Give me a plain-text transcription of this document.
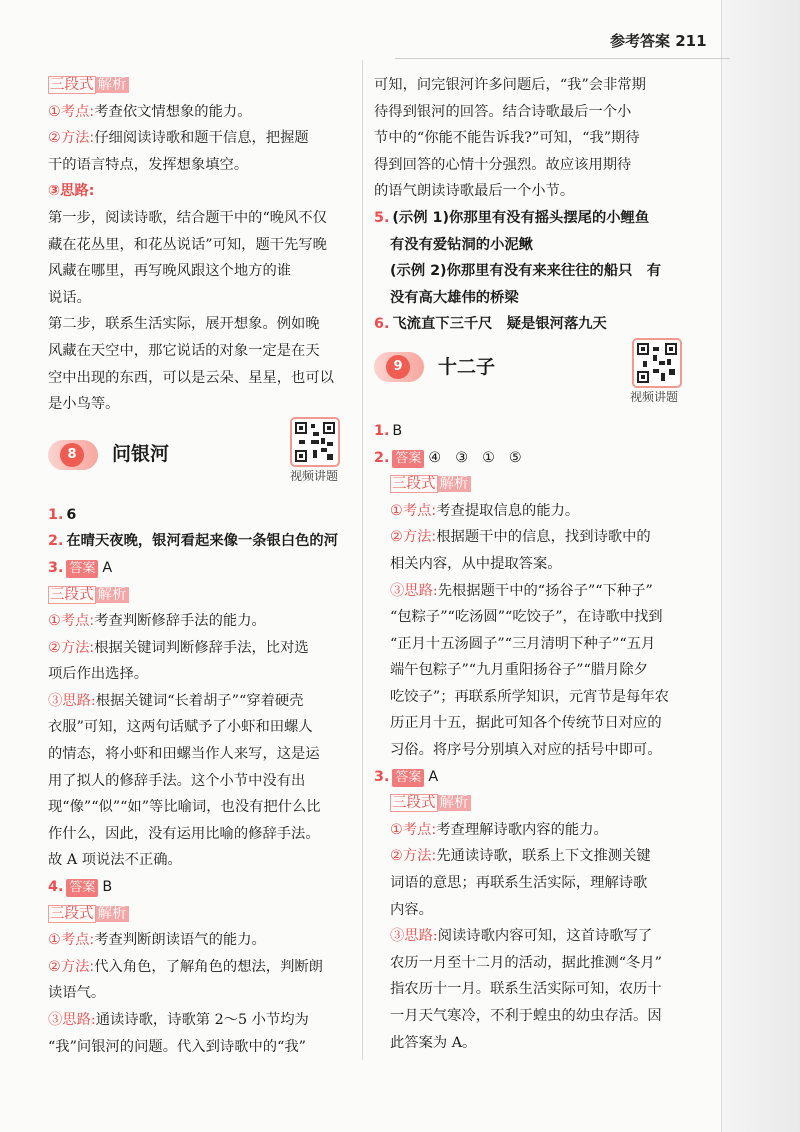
参考答案 211
三段式 解析
①考点:考查依文情想象的能力。
②方法:仔细阅读诗歌和题干信息，把握题
干的语言特点，发挥想象填空。
③思路:
第一步，阅读诗歌，结合题干中的“晚风不仅
藏在花丛里，和花丛说话”可知，题干先写晚
风藏在哪里，再写晚风跟这个地方的谁
说话。
第二步，联系生活实际，展开想象。例如晚
风藏在天空中，那它说话的对象一定是在天
空中出现的东西，可以是云朵、星星，也可以
是小鸟等。
8	问银河
1. 6
2. 在晴天夜晚，银河看起来像一条银白色的河
3. 答案 A
三段式 解析
①考点:考查判断修辞手法的能力。
②方法:根据关键词判断修辞手法，比对选
项后作出选择。
③思路:根据关键词“长着胡子”“穿着硬壳
衣服”可知，这两句话赋予了小虾和田螺人
的情态，将小虾和田螺当作人来写，这是运
用了拟人的修辞手法。这个小节中没有出
现“像”“似”“如”等比喻词，也没有把什么比
作什么，因此，没有运用比喻的修辞手法。
故 A 项说法不正确。
4. 答案 B
三段式 解析
①考点:考查判断朗读语气的能力。
②方法:代入角色，了解角色的想法，判断朗
读语气。
③思路:通读诗歌，诗歌第 2～5 小节均为
“我”问银河的问题。代入到诗歌中的“我”
视频讲题
视频讲题
可知，问完银河许多问题后，“我”会非常期
待得到银河的回答。结合诗歌最后一个小
节中的“你能不能告诉我?”可知，“我”期待
得到回答的心情十分强烈。故应该用期待
的语气朗读诗歌最后一个小节。
5. (示例 1)你那里有没有摇头摆尾的小鲤鱼
有没有爱钻洞的小泥鳅
(示例 2)你那里有没有来来往往的船只　有
没有高大雄伟的桥梁
6. 飞流直下三千尺　疑是银河落九天
9	十二子
1. B
2. 答案 ④ ③ ① ⑤
三段式 解析
①考点:考查提取信息的能力。
②方法:根据题干中的信息，找到诗歌中的
相关内容，从中提取答案。
③思路:先根据题干中的“扬谷子”“下种子”
“包粽子”“吃汤圆”“吃饺子”，在诗歌中找到
“正月十五汤圆子”“三月清明下种子”“五月
端午包粽子”“九月重阳扬谷子”“腊月除夕
吃饺子”；再联系所学知识，元宵节是每年农
历正月十五，据此可知各个传统节日对应的
习俗。将序号分别填入对应的括号中即可。
3. 答案 A
三段式 解析
①考点:考查理解诗歌内容的能力。
②方法:先通读诗歌，联系上下文推测关键
词语的意思；再联系生活实际，理解诗歌
内容。
③思路:阅读诗歌内容可知，这首诗歌写了
农历一月至十二月的活动，据此推测“冬月”
指农历十一月。联系生活实际可知，农历十
一月天气寒冷，不利于蝗虫的幼虫存活。因
此答案为 A。
